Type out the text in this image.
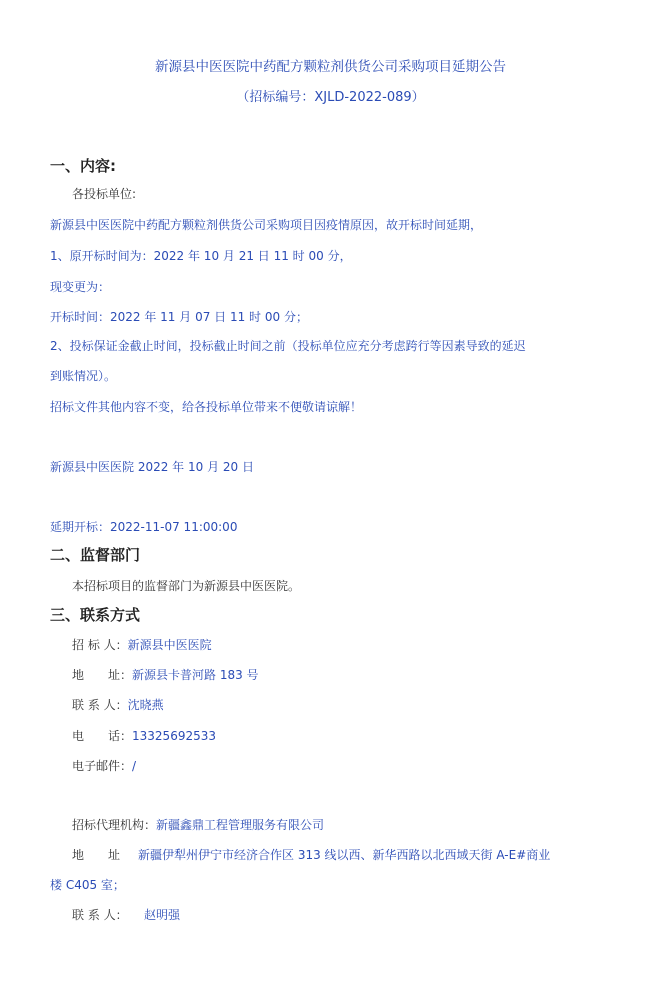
新源县中医医院中药配方颗粒剂供货公司采购项目延期公告
（招标编号：XJLD-2022-089）
一、内容:
各投标单位:
新源县中医医院中药配方颗粒剂供货公司采购项目因疫情原因，故开标时间延期，
1、原开标时间为：2022 年 10 月 21 日 11 时 00 分，
现变更为：
开标时间：2022 年 11 月 07 日 11 时 00 分；
2、投标保证金截止时间，投标截止时间之前（投标单位应充分考虑跨行等因素导致的延迟
到账情况）。
招标文件其他内容不变，给各投标单位带来不便敬请谅解！
新源县中医医院 2022 年 10 月 20 日
延期开标：2022-11-07 11:00:00
二、监督部门
本招标项目的监督部门为新源县中医医院。
三、联系方式
招 标 人：新源县中医医院
地　　址：新源县卡普河路 183 号
联 系 人：沈晓燕
电　　话：13325692533
电子邮件：/
招标代理机构：新疆鑫鼎工程管理服务有限公司
地　　址 新疆伊犁州伊宁市经济合作区 313 线以西、新华西路以北西域天街 A-E#商业
楼 C405 室；
联 系 人： 赵明强
